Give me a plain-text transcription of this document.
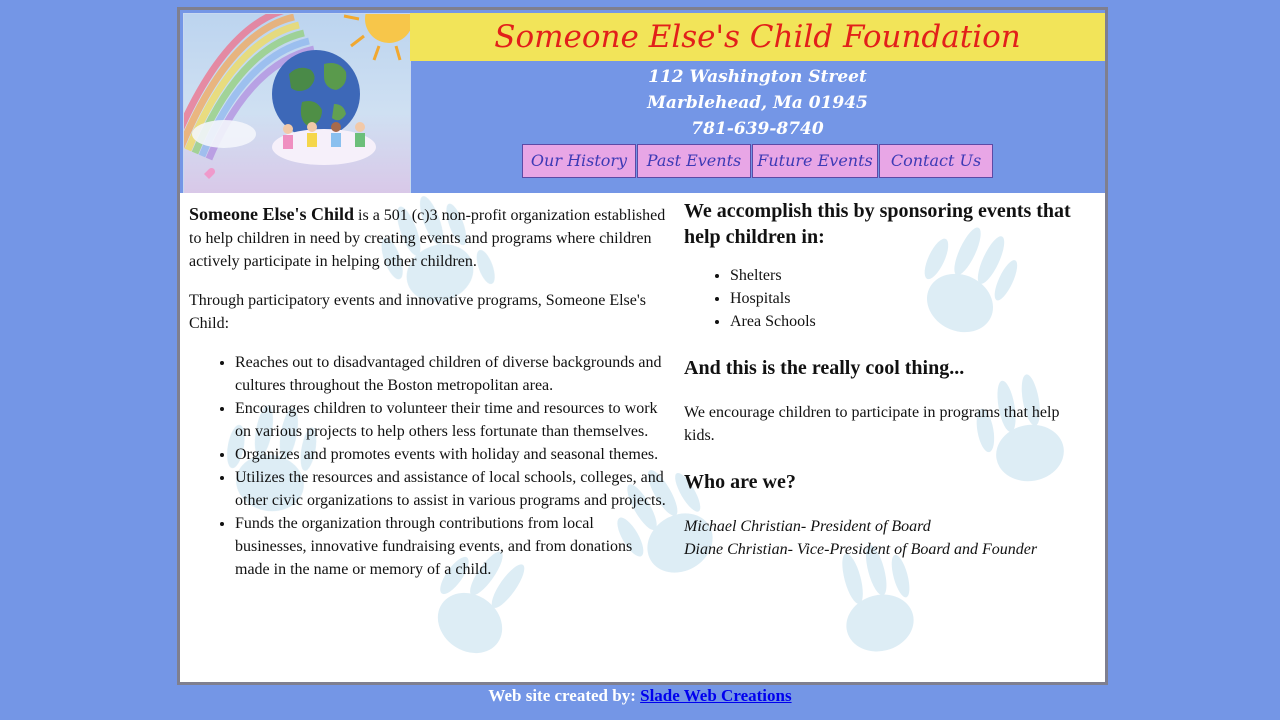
Someone Else's Child Foundation
112 Washington Street
Marblehead, Ma 01945
781-639-8740
Our History	Past Events	Future Events	Contact Us

Someone Else's Child is a 501 (c)3 non-profit organization established to help children in need by creating events and programs where children actively participate in helping other children.

Through participatory events and innovative programs, Someone Else's Child:

• Reaches out to disadvantaged children of diverse backgrounds and cultures throughout the Boston metropolitan area.
• Encourages children to volunteer their time and resources to work on various projects to help others less fortunate than themselves.
• Organizes and promotes events with holiday and seasonal themes.
• Utilizes the resources and assistance of local schools, colleges, and other civic organizations to assist in various programs and projects.
• Funds the organization through contributions from local businesses, innovative fundraising events, and from donations made in the name or memory of a child.
We accomplish this by sponsoring events that help children in:
• Shelters
• Hospitals
• Area Schools
And this is the really cool thing...

We encourage children to participate in programs that help kids.

Who are we?
Michael Christian- President of Board
Diane Christian- Vice-President of Board and Founder
Web site created by: Slade Web Creations
